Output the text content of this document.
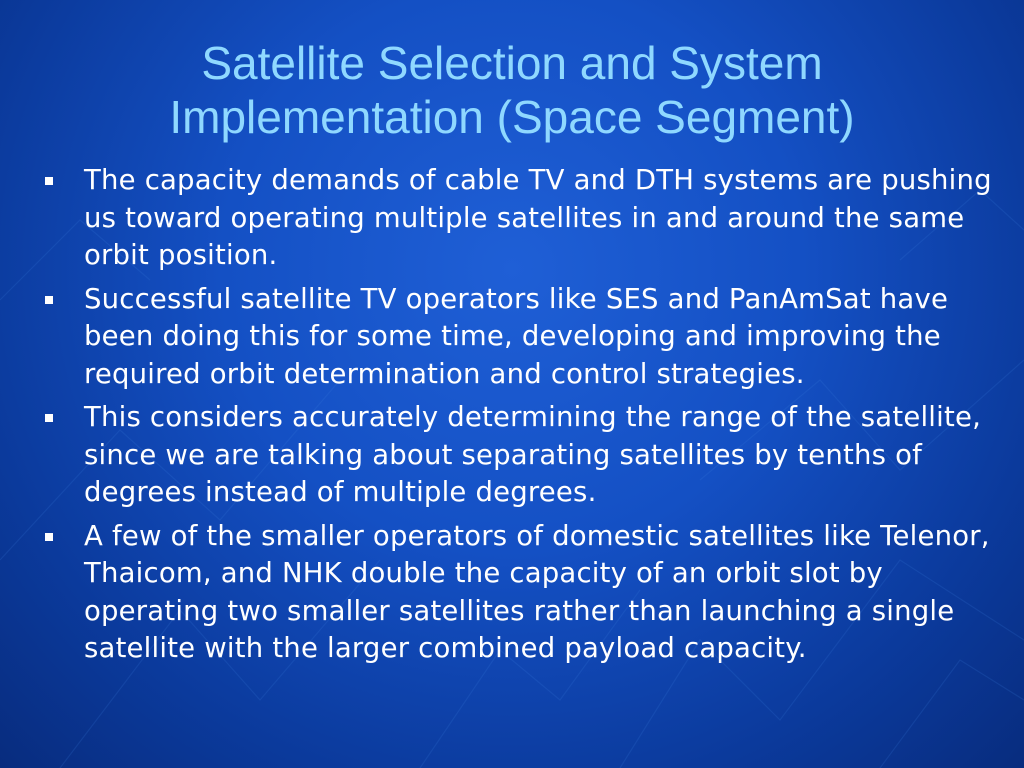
Satellite Selection and System Implementation (Space Segment)
The capacity demands of cable TV and DTH systems are pushing us toward operating multiple satellites in and around the same orbit position.
Successful satellite TV operators like SES and PanAmSat have been doing this for some time, developing and improving the required orbit determination and control strategies.
This considers accurately determining the range of the satellite, since we are talking about separating satellites by tenths of degrees instead of multiple degrees.
A few of the smaller operators of domestic satellites like Telenor, Thaicom, and NHK double the capacity of an orbit slot by operating two smaller satellites rather than launching a single satellite with the larger combined payload capacity.
